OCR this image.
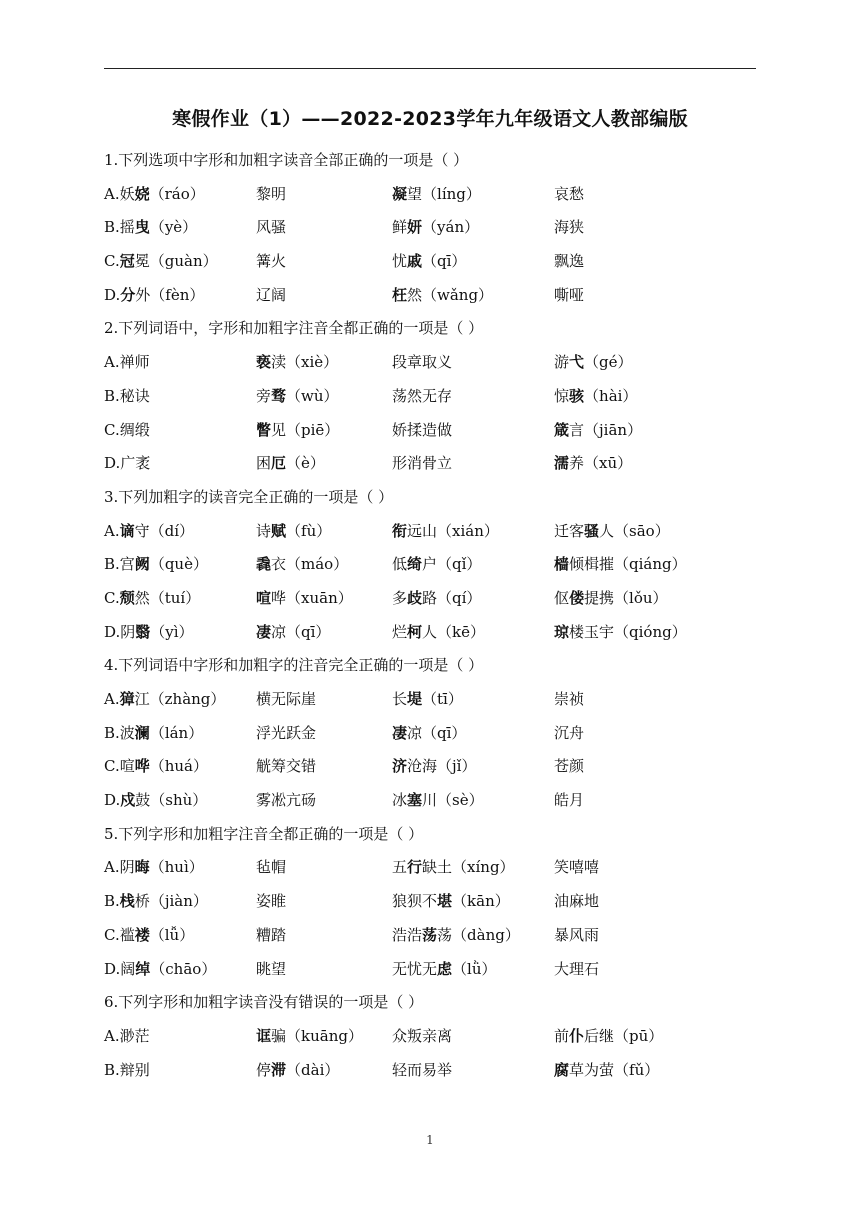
寒假作业（1）——2022-2023学年九年级语文人教部编版
1.下列选项中字形和加粗字读音全部正确的一项是（ ）
A.妖娆（ráo）	黎明	凝望（líng）	哀愁
B.摇曳（yè）	风骚	鲜妍（yán）	海狭
C.冠冕（guàn）	篝火	忧戚（qī）	飘逸
D.分外（fèn）	辽阔	枉然（wǎng）	嘶哑
2.下列词语中，字形和加粗字注音全都正确的一项是（ ）
A.禅师	亵渎（xiè）	段章取义	游弋（gé）
B.秘诀	旁骛（wù）	荡然无存	惊骇（hài）
C.绸缎	瞥见（piē）	娇揉造做	箴言（jiān）
D.广袤	困厄（è）	形消骨立	濡养（xū）
3.下列加粗字的读音完全正确的一项是（ ）
A.谪守（dí）	诗赋（fù）	衔远山（xián）	迁客骚人（sāo）
B.宫阙（què）	毳衣（máo）	低绮户（qǐ）	樯倾楫摧（qiáng）
C.颓然（tuí）	喧哗（xuān）	多歧路（qí）	伛偻提携（lǒu）
D.阴翳（yì）	凄凉（qī）	烂柯人（kē）	琼楼玉宇（qióng）
4.下列词语中字形和加粗字的注音完全正确的一项是（ ）
A.獐江（zhàng） 横无际崖	长堤（tī）	崇祯
B.波澜（lán）	浮光跃金	凄凉（qī）	沉舟
C.喧哗（huá）	觥筹交错	济沧海（jǐ）	苍颜
D.戍鼓（shù）	雾凇亢砀	冰塞川（sè）	皓月
5.下列字形和加粗字注音全都正确的一项是（ ）
A.阴晦（huì）	毡帽	五行缺土（xíng）	笑嘻嘻
B.栈桥（jiàn）	姿睢	狼狈不堪（kān）	油麻地
C.褴褛（lǚ）	糟踏	浩浩荡荡（dàng） 暴风雨
D.阔绰（chāo）	眺望	无忧无虑（lǜ）	大理石
6.下列字形和加粗字读音没有错误的一项是（ ）
A.渺茫	诓骗（kuāng） 众叛亲离	前仆后继（pū）
B.辩别	停滞（dài）	轻而易举	腐草为萤（fǔ）
1
